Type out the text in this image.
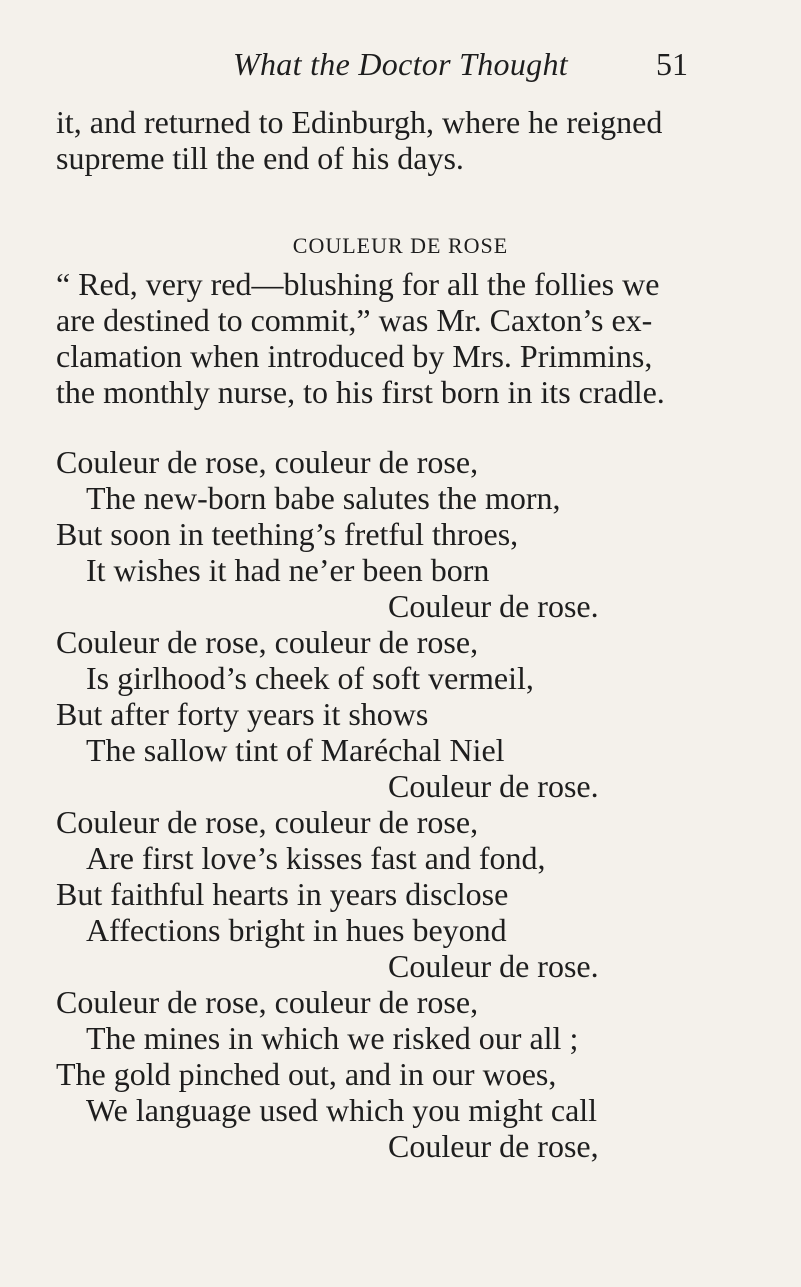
What the Doctor Thought	51

it, and returned to Edinburgh, where he reigned
supreme till the end of his days.

COULEUR DE ROSE

“ Red, very red—blushing for all the follies we
are destined to commit,” was Mr. Caxton’s ex-
clamation when introduced by Mrs. Primmins,
the monthly nurse, to his first born in its cradle.

Couleur de rose, couleur de rose,
The new-born babe salutes the morn,
But soon in teething’s fretful throes,
It wishes it had ne’er been born
Couleur de rose.
Couleur de rose, couleur de rose,
Is girlhood’s cheek of soft vermeil,
But after forty years it shows
The sallow tint of Maréchal Niel
Couleur de rose.
Couleur de rose, couleur de rose,
Are first love’s kisses fast and fond,
But faithful hearts in years disclose
Affections bright in hues beyond
Couleur de rose.
Couleur de rose, couleur de rose,
The mines in which we risked our all ;
The gold pinched out, and in our woes,
We language used which you might call
Couleur de rose,
